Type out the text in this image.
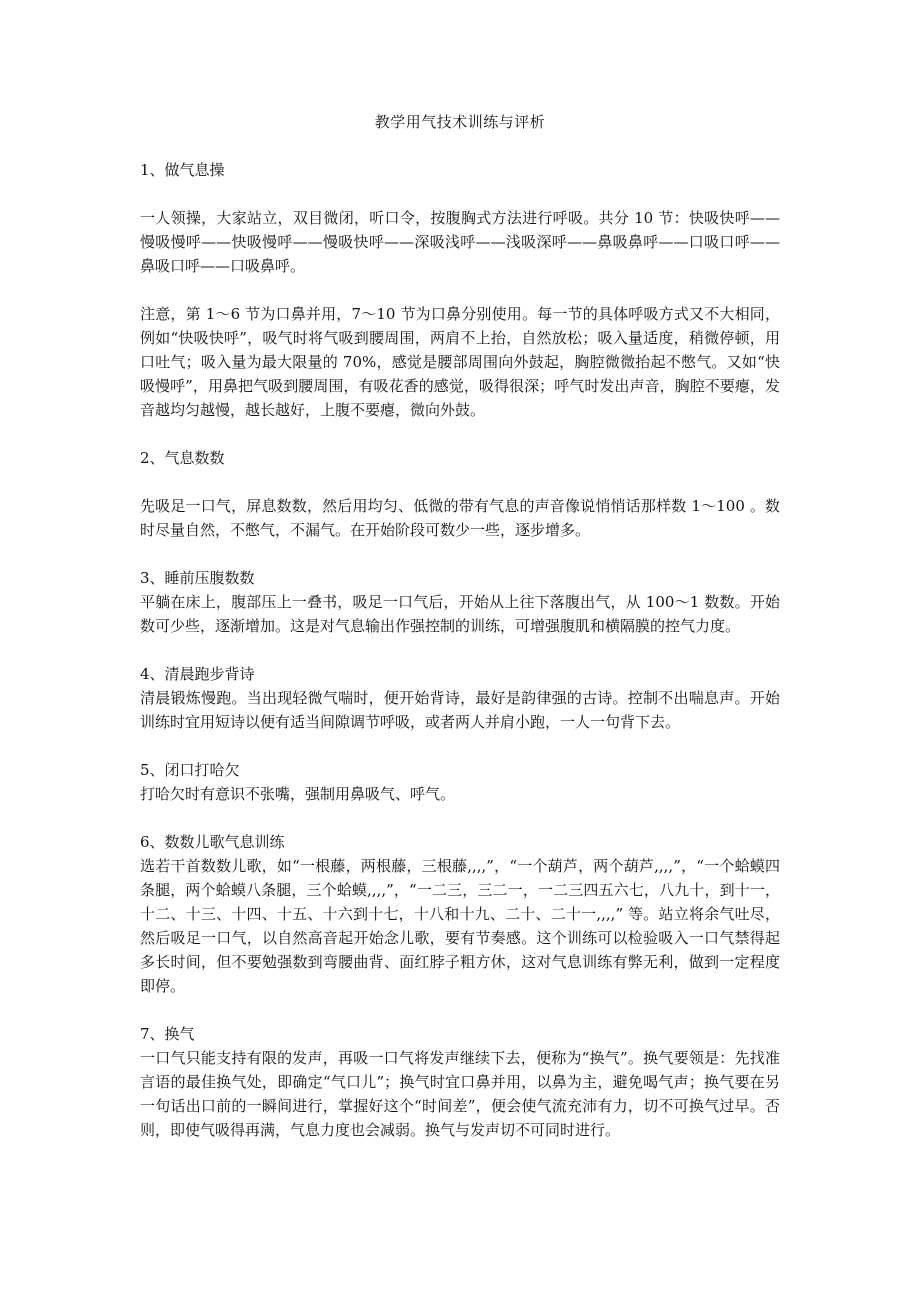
教学用气技术训练与评析

1、做气息操

一人领操，大家站立，双目微闭，听口令，按腹胸式方法进行呼吸。共分 10 节：快吸快呼——慢吸慢呼——快吸慢呼——慢吸快呼——深吸浅呼——浅吸深呼——鼻吸鼻呼——口吸口呼——鼻吸口呼——口吸鼻呼。

注意，第 1～6 节为口鼻并用，7～10 节为口鼻分别使用。每一节的具体呼吸方式又不大相同，例如“快吸快呼”，吸气时将气吸到腰周围，两肩不上抬，自然放松；吸入量适度，稍微停顿，用口吐气；吸入量为最大限量的 70%，感觉是腰部周围向外鼓起，胸腔微微抬起不憋气。又如“快吸慢呼”，用鼻把气吸到腰周围，有吸花香的感觉，吸得很深；呼气时发出声音，胸腔不要瘪，发音越均匀越慢，越长越好，上腹不要瘪，微向外鼓。

2、气息数数

先吸足一口气，屏息数数，然后用均匀、低微的带有气息的声音像说悄悄话那样数 1～100 。数时尽量自然，不憋气，不漏气。在开始阶段可数少一些，逐步增多。

3、睡前压腹数数

平躺在床上，腹部压上一叠书，吸足一口气后，开始从上往下落腹出气，从 100～1 数数。开始数可少些，逐渐增加。这是对气息输出作强控制的训练，可增强腹肌和横隔膜的控气力度。

4、清晨跑步背诗

清晨锻炼慢跑。当出现轻微气喘时，便开始背诗，最好是韵律强的古诗。控制不出喘息声。开始训练时宜用短诗以便有适当间隙调节呼吸，或者两人并肩小跑，一人一句背下去。

5、闭口打哈欠

打哈欠时有意识不张嘴，强制用鼻吸气、呼气。

6、数数儿歌气息训练

选若干首数数儿歌，如“一根藤，两根藤，三根藤,,,,”，“一个葫芦，两个葫芦,,,,”，“一个蛤蟆四条腿，两个蛤蟆八条腿，三个蛤蟆,,,,”，“一二三，三二一，一二三四五六七，八九十，到十一，十二、十三、十四、十五、十六到十七，十八和十九、二十、二十一,,,,” 等。站立将余气吐尽，然后吸足一口气，以自然高音起开始念儿歌，要有节奏感。这个训练可以检验吸入一口气禁得起多长时间，但不要勉强数到弯腰曲背、面红脖子粗方休，这对气息训练有弊无利，做到一定程度即停。

7、换气

一口气只能支持有限的发声，再吸一口气将发声继续下去，便称为“换气”。换气要领是：先找准言语的最佳换气处，即确定“气口儿”；换气时宜口鼻并用，以鼻为主，避免喝气声；换气要在另一句话出口前的一瞬间进行，掌握好这个“时间差”，便会使气流充沛有力，切不可换气过早。否则，即使气吸得再满，气息力度也会减弱。换气与发声切不可同时进行。
